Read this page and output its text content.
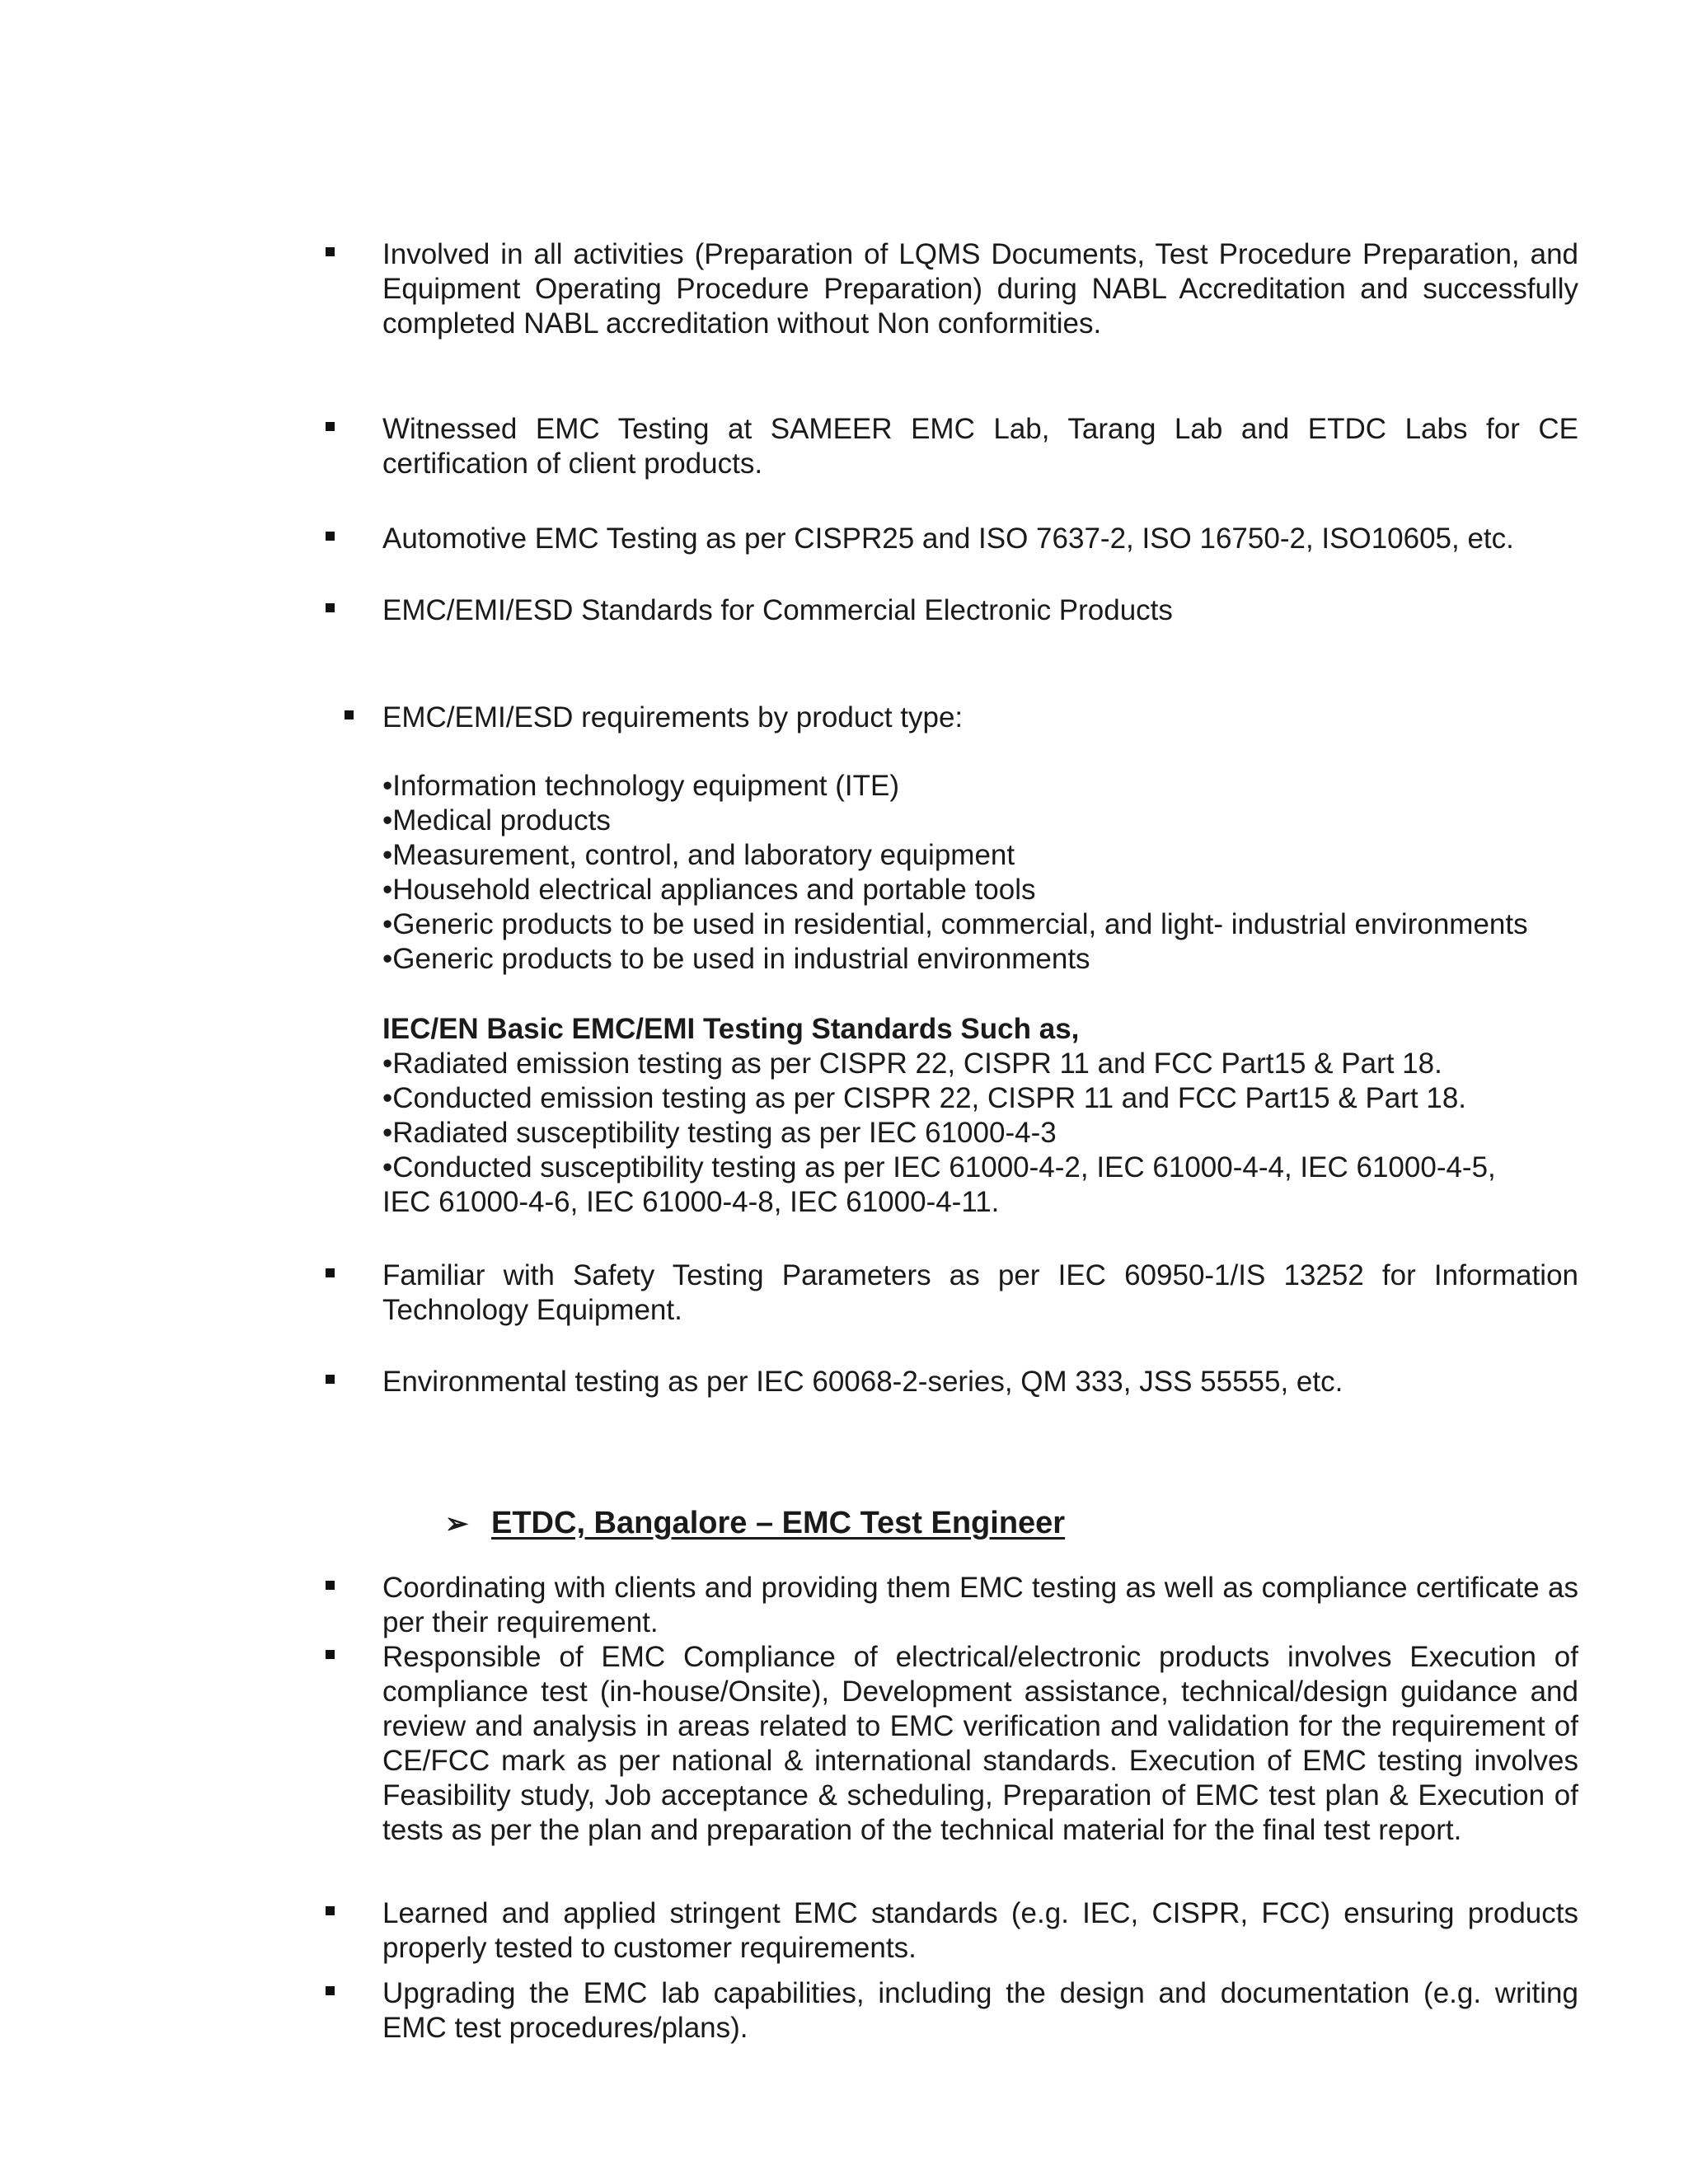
Involved in all activities (Preparation of LQMS Documents, Test Procedure Preparation, and Equipment Operating Procedure Preparation) during NABL Accreditation and successfully completed NABL accreditation without Non conformities.
Witnessed EMC Testing at SAMEER EMC Lab, Tarang Lab and ETDC Labs for CE certification of client products.
Automotive EMC Testing as per CISPR25 and ISO 7637-2, ISO 16750-2, ISO10605, etc.
EMC/EMI/ESD Standards for Commercial Electronic Products
EMC/EMI/ESD requirements by product type:
•Information technology equipment (ITE)
•Medical products
•Measurement, control, and laboratory equipment
•Household electrical appliances and portable tools
•Generic products to be used in residential, commercial, and light- industrial environments
•Generic products to be used in industrial environments
IEC/EN Basic EMC/EMI Testing Standards Such as,
•Radiated emission testing as per CISPR 22, CISPR 11 and FCC Part15 & Part 18.
•Conducted emission testing as per CISPR 22, CISPR 11 and FCC Part15 & Part 18.
•Radiated susceptibility testing as per IEC 61000-4-3
•Conducted susceptibility testing as per IEC 61000-4-2, IEC 61000-4-4, IEC 61000-4-5,
IEC 61000-4-6, IEC 61000-4-8, IEC 61000-4-11.
Familiar with Safety Testing Parameters as per IEC 60950-1/IS 13252 for Information Technology Equipment.
Environmental testing as per IEC 60068-2-series, QM 333, JSS 55555, etc.
➢ ETDC, Bangalore – EMC Test Engineer
Coordinating with clients and providing them EMC testing as well as compliance certificate as per their requirement.
Responsible of EMC Compliance of electrical/electronic products involves Execution of compliance test (in-house/Onsite), Development assistance, technical/design guidance and review and analysis in areas related to EMC verification and validation for the requirement of CE/FCC mark as per national & international standards. Execution of EMC testing involves Feasibility study, Job acceptance & scheduling, Preparation of EMC test plan & Execution of tests as per the plan and preparation of the technical material for the final test report.
Learned and applied stringent EMC standards (e.g. IEC, CISPR, FCC) ensuring products properly tested to customer requirements.
Upgrading the EMC lab capabilities, including the design and documentation (e.g. writing EMC test procedures/plans).
